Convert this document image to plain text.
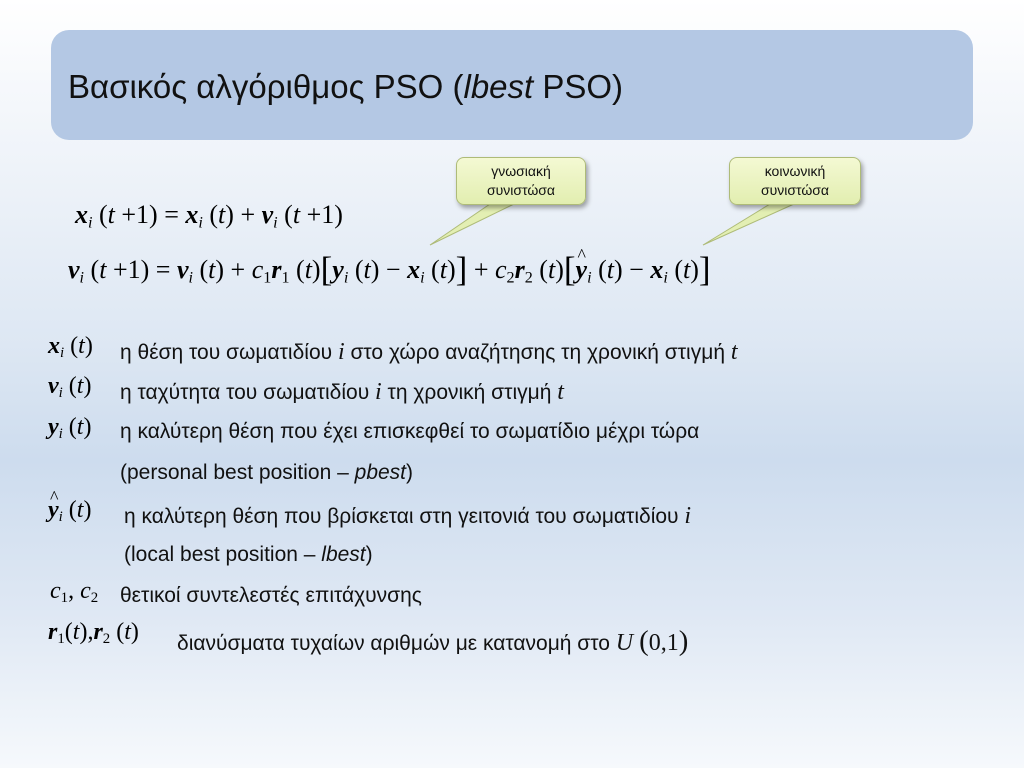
Βασικός αλγόριθμος PSO (lbest PSO)
γνωσιακή
συνιστώσα
κοινωνική
συνιστώσα
$x_i$ $(t +1) = x_i$ $(t) + v_i$ (t +1)
$v_i$ $(t +1) = v_i$ $(t) + c_1r_1$ $(t)[y_i$ $(t) - x_i$ $(t)] + c_2r_2$ (t)[^ $y_i$ $(t) - x_i$ (t)]
$x_i$ (t) η θέση του σωματιδίου i στο χώρο αναζήτησης τη χρονική στιγμή t
$v_i$ (t) η ταχύτητα του σωματιδίου i τη χρονική στιγμή t
$y_i$ (t) η καλύτερη θέση που έχει επισκεφθεί το σωματίδιο μέχρι τώρα
(personal best position – pbest)
^ $y_i$ (t) η καλύτερη θέση που βρίσκεται στη γειτονιά του σωματιδίου i
(local best position – lbest)
$c_1$, $c_2$ θετικοί συντελεστές επιτάχυνσης
$r_1(t),r_2$ (t) διανύσματα τυχαίων αριθμών με κατανομή στο U (0,1)
